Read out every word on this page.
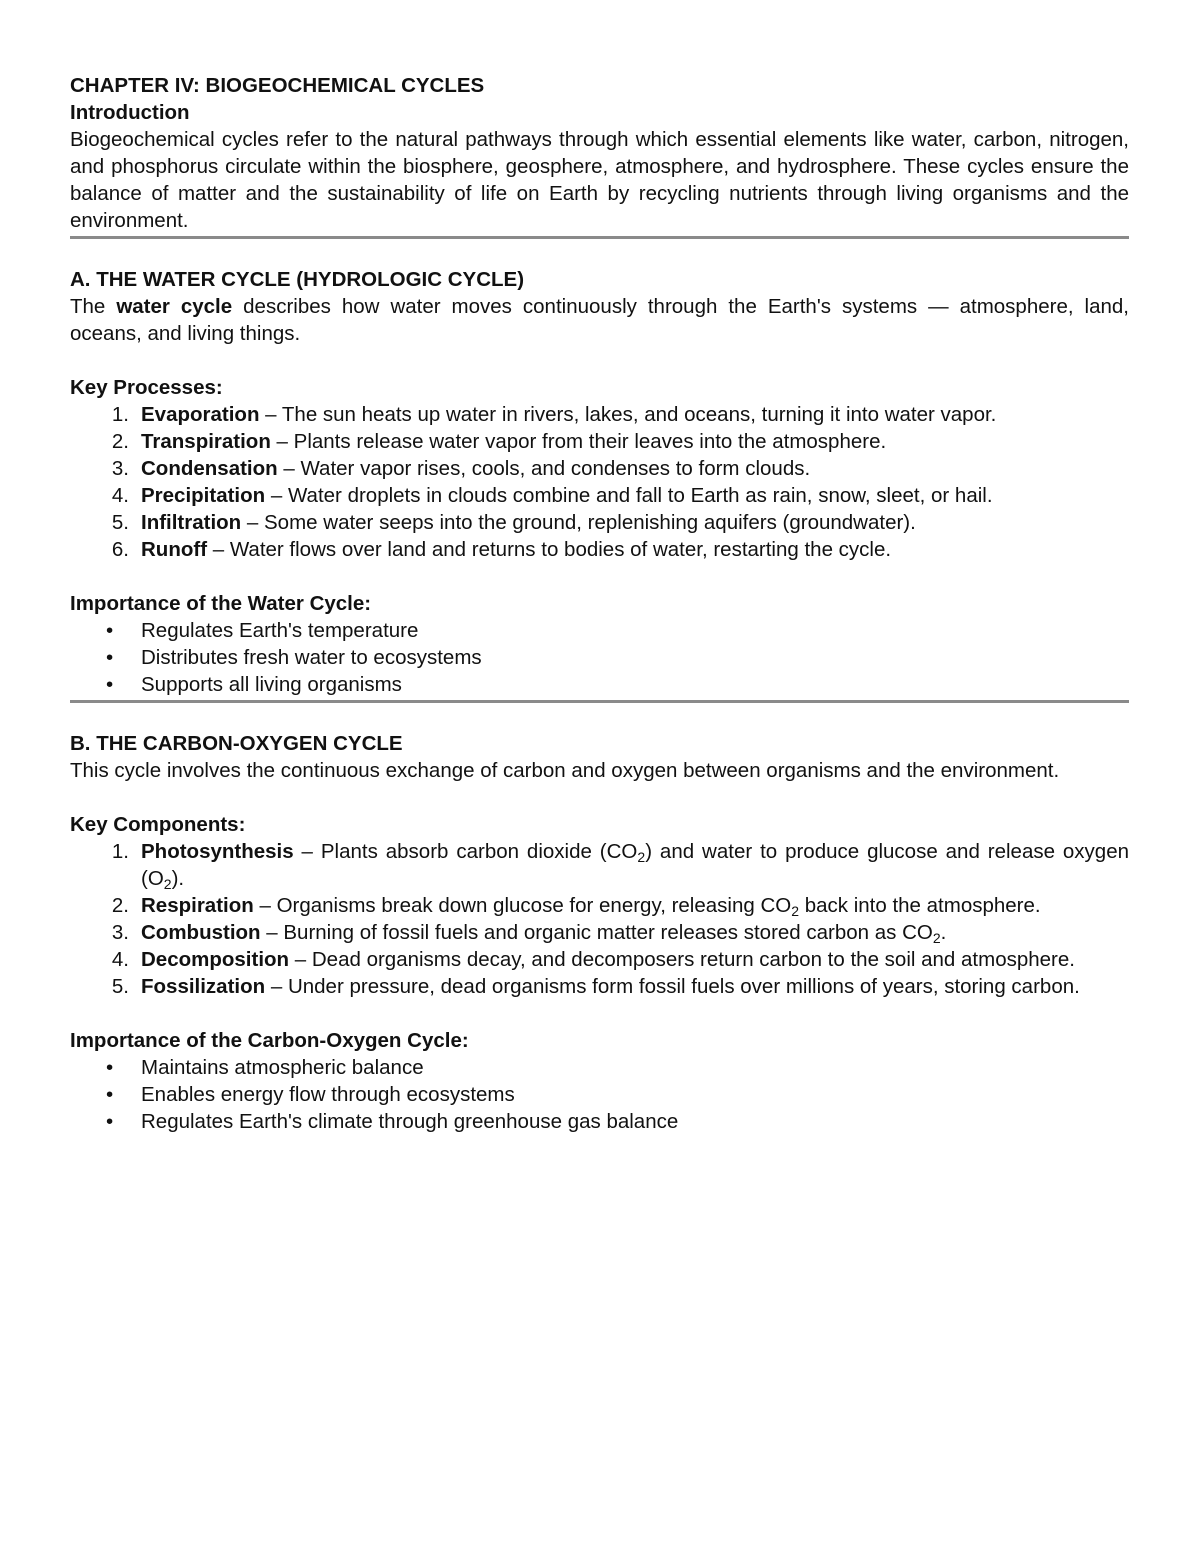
CHAPTER IV: BIOGEOCHEMICAL CYCLES
Introduction
Biogeochemical cycles refer to the natural pathways through which essential elements like water, carbon, nitrogen, and phosphorus circulate within the biosphere, geosphere, atmosphere, and hydrosphere. These cycles ensure the balance of matter and the sustainability of life on Earth by recycling nutrients through living organisms and the environment.
A. THE WATER CYCLE (HYDROLOGIC CYCLE)
The water cycle describes how water moves continuously through the Earth's systems — atmosphere, land, oceans, and living things.
Key Processes:
1. Evaporation – The sun heats up water in rivers, lakes, and oceans, turning it into water vapor.
2. Transpiration – Plants release water vapor from their leaves into the atmosphere.
3. Condensation – Water vapor rises, cools, and condenses to form clouds.
4. Precipitation – Water droplets in clouds combine and fall to Earth as rain, snow, sleet, or hail.
5. Infiltration – Some water seeps into the ground, replenishing aquifers (groundwater).
6. Runoff – Water flows over land and returns to bodies of water, restarting the cycle.
Importance of the Water Cycle:
•	Regulates Earth's temperature
•	Distributes fresh water to ecosystems
•	Supports all living organisms
B. THE CARBON-OXYGEN CYCLE
This cycle involves the continuous exchange of carbon and oxygen between organisms and the environment.
Key Components:
1. Photosynthesis – Plants absorb carbon dioxide $(CO_2)$ and water to produce glucose and release oxygen $(O_2)$.
2. Respiration – Organisms break down glucose for energy, releasing $CO_2$ back into the atmosphere.
3. Combustion – Burning of fossil fuels and organic matter releases stored carbon as $CO_2$.
4. Decomposition – Dead organisms decay, and decomposers return carbon to the soil and atmosphere.
5. Fossilization – Under pressure, dead organisms form fossil fuels over millions of years, storing carbon.
Importance of the Carbon-Oxygen Cycle:
•	Maintains atmospheric balance
•	Enables energy flow through ecosystems
•	Regulates Earth's climate through greenhouse gas balance
